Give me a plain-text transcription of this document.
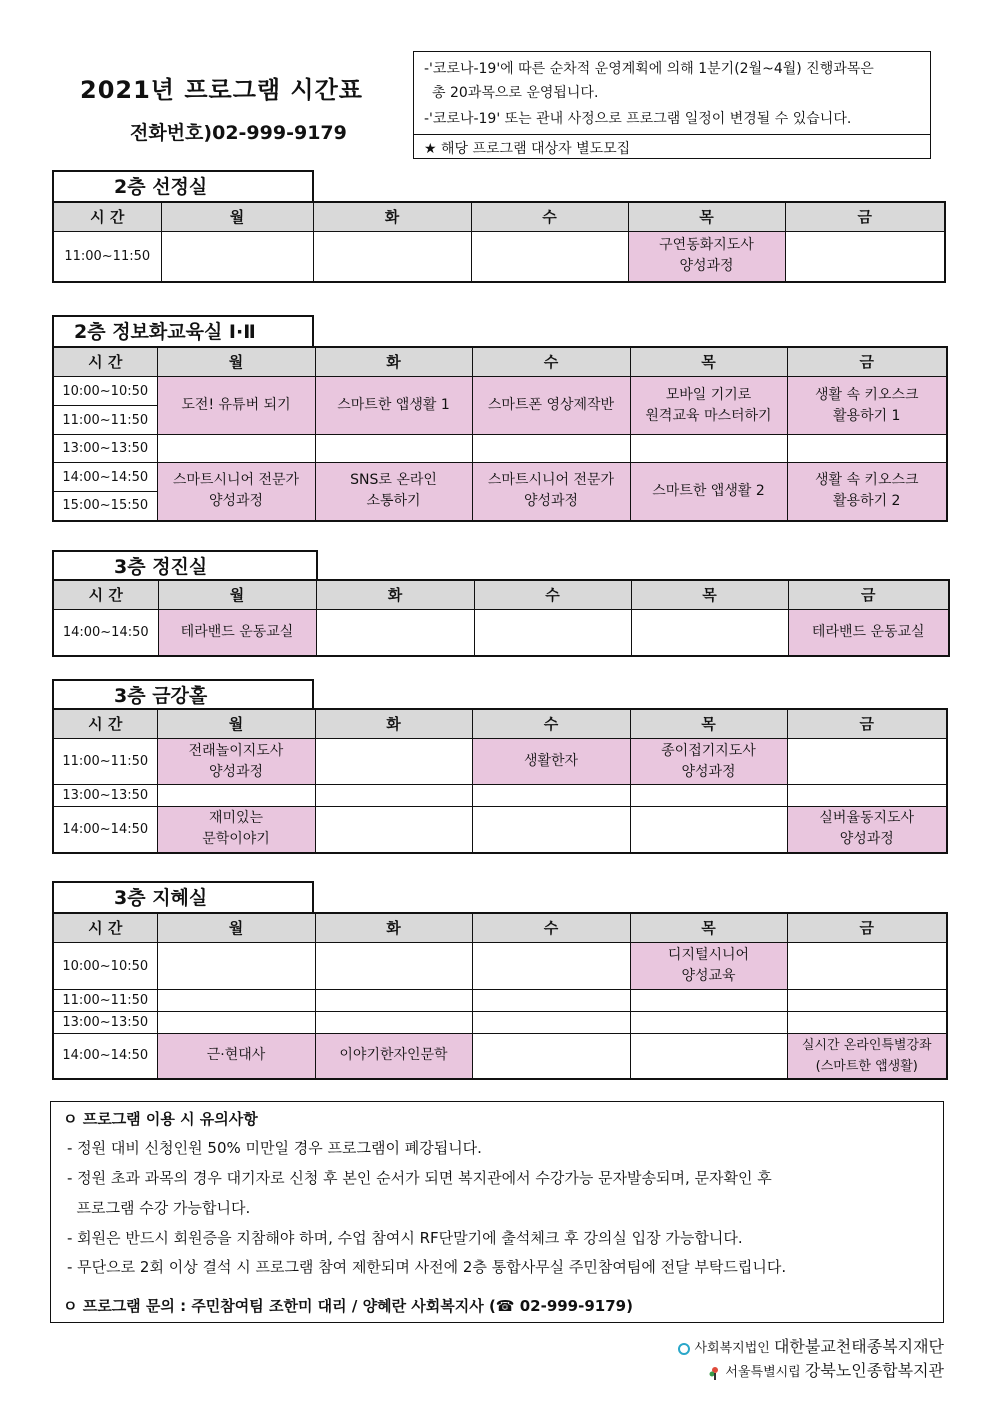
2021년 프로그램 시간표
전화번호)02-999-9179
-'코로나-19'에 따른 순차적 운영계획에 의해 1분기(2월~4월) 진행과목은
총 20과목으로 운영됩니다.
-'코로나-19' 또는 관내 사정으로 프로그램 일정이 변경될 수 있습니다.
★ 해당 프로그램 대상자 별도모집
2층 선정실
시 간	월	화	수	목	금
11:00~11:50				구연동화지도사
양성과정	
2층 정보화교육실 Ⅰ·Ⅱ
시 간	월	화	수	목	금
10:00~10:50	도전! 유튜버 되기	스마트한 앱생활 1	스마트폰 영상제작반	모바일 기기로
원격교육 마스터하기	생활 속 키오스크
활용하기 1
11:00~11:50					
13:00~13:50					
14:00~14:50	스마트시니어 전문가
양성과정	SNS로 온라인
소통하기	스마트시니어 전문가
양성과정	스마트한 앱생활 2	생활 속 키오스크
활용하기 2
15:00~15:50					
3층 정진실
시 간	월	화	수	목	금
14:00~14:50	테라밴드 운동교실				테라밴드 운동교실
3층 금강홀
시 간	월	화	수	목	금
11:00~11:50	전래놀이지도사
양성과정		생활한자	종이접기지도사
양성과정	
13:00~13:50					
14:00~14:50	재미있는
문학이야기				실버율동지도사
양성과정
3층 지혜실
시 간	월	화	수	목	금
10:00~10:50				디지털시니어
양성교육	
11:00~11:50					
13:00~13:50					
14:00~14:50	근·현대사	이야기한자인문학			실시간 온라인특별강좌
(스마트한 앱생활)
ㅇ 프로그램 이용 시 유의사항
- 정원 대비 신청인원 50% 미만일 경우 프로그램이 폐강됩니다.
- 정원 초과 과목의 경우 대기자로 신청 후 본인 순서가 되면 복지관에서 수강가능 문자발송되며, 문자확인 후
프로그램 수강 가능합니다.
- 회원은 반드시 회원증을 지참해야 하며, 수업 참여시 RF단말기에 출석체크 후 강의실 입장 가능합니다.
- 무단으로 2회 이상 결석 시 프로그램 참여 제한되며 사전에 2층 통합사무실 주민참여팀에 전달 부탁드립니다.
ㅇ 프로그램 문의 : 주민참여팀 조한미 대리 / 양혜란 사회복지사 (☎ 02-999-9179)
사회복지법인 대한불교천태종복지재단
서울특별시립 강북노인종합복지관
